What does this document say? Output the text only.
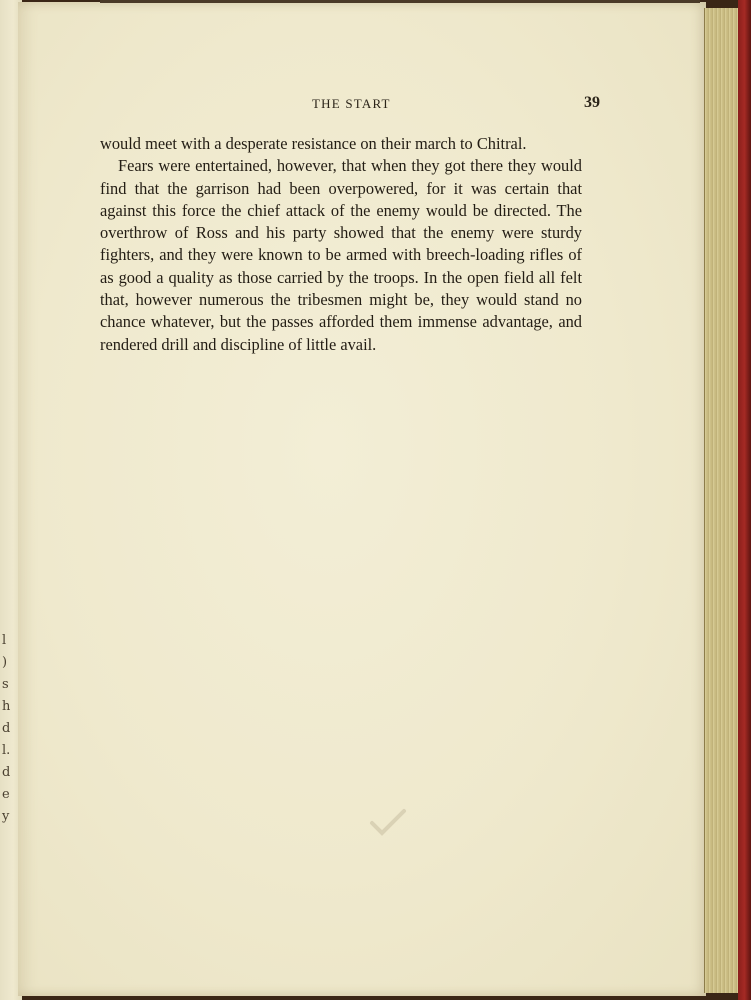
l
)
s
h
d
l.
d
e
y
THE START	39

would meet with a desperate resistance on their march to Chitral.

Fears were entertained, however, that when they got there they would find that the garrison had been overpowered, for it was certain that against this force the chief attack of the enemy would be directed. The overthrow of Ross and his party showed that the enemy were sturdy fighters, and they were known to be armed with breech-loading rifles of as good a quality as those carried by the troops. In the open field all felt that, however numerous the tribesmen might be, they would stand no chance whatever, but the passes afforded them immense advantage, and rendered drill and discipline of little avail.
